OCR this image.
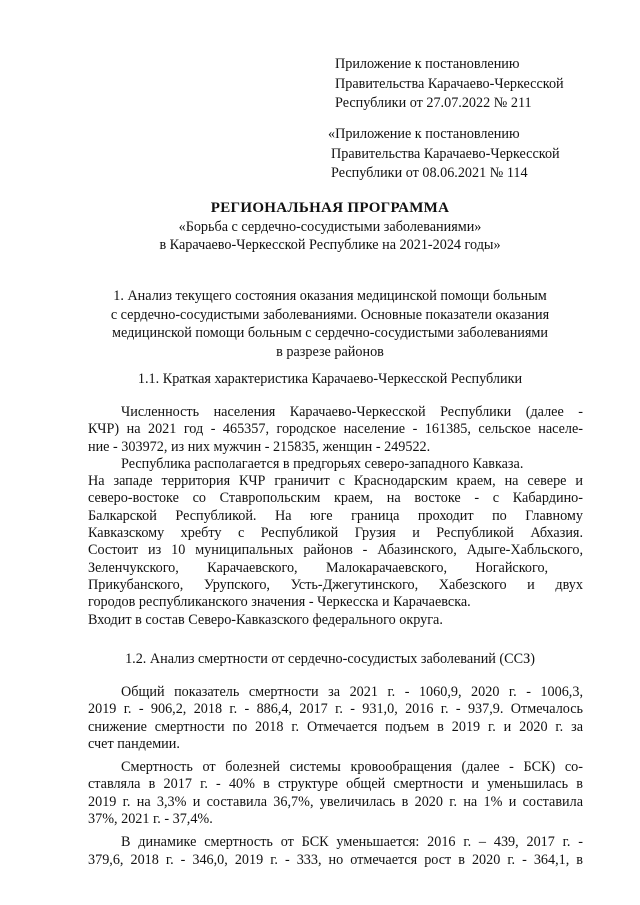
Приложение к постановлению
Правительства Карачаево-Черкесской
Республики от 27.07.2022 № 211
«Приложение к постановлению
Правительства Карачаево-Черкесской
Республики от 08.06.2021 № 114
РЕГИОНАЛЬНАЯ ПРОГРАММА
«Борьба с сердечно-сосудистыми заболеваниями»
в Карачаево-Черкесской Республике на 2021-2024 годы»
1. Анализ текущего состояния оказания медицинской помощи больным
с сердечно-сосудистыми заболеваниями. Основные показатели оказания
медицинской помощи больным с сердечно-сосудистыми заболеваниями
в разрезе районов
1.1. Краткая характеристика Карачаево-Черкесской Республики

Численность населения Карачаево-Черкесской Республики (далее -

КЧР) на 2021 год - 465357, городское население - 161385, сельское населе-

ние - 303972, из них мужчин - 215835, женщин - 249522.

Республика располагается в предгорьях северо-западного Кавказа.

На западе территория КЧР граничит с Краснодарским краем, на севере и

северо-востоке со Ставропольским краем, на востоке - с Кабардино-

Балкарской Республикой. На юге граница проходит по Главному

Кавказскому хребту с Республикой Грузия и Республикой Абхазия.

Состоит из 10 муниципальных районов - Абазинского, Адыге-Хабльского,

Зеленчукского,        Карачаевского,        Малокарачаевского,        Ногайского,

Прикубанского, Урупского, Усть-Джегутинского, Хабезского и двух

городов республиканского значения - Черкесска и Карачаевска.

Входит в состав Северо-Кавказского федерального округа.

1.2. Анализ смертности от сердечно-сосудистых заболеваний (ССЗ)

Общий показатель смертности за 2021 г. - 1060,9, 2020 г. - 1006,3,

2019 г. - 906,2, 2018 г. - 886,4, 2017 г. - 931,0, 2016 г. - 937,9. Отмечалось

снижение смертности по 2018 г. Отмечается подъем в 2019 г. и 2020 г. за

счет пандемии.

Смертность от болезней системы кровообращения (далее - БСК) со-

ставляла в 2017 г. - 40% в структуре общей смертности и уменьшилась в

2019 г. на 3,3% и составила 36,7%, увеличилась в 2020 г. на 1% и составила

37%, 2021 г. - 37,4%.

В динамике смертность от БСК уменьшается: 2016 г. – 439, 2017 г. -

379,6, 2018 г. - 346,0, 2019 г. - 333, но отмечается рост в 2020 г. - 364,1, в
